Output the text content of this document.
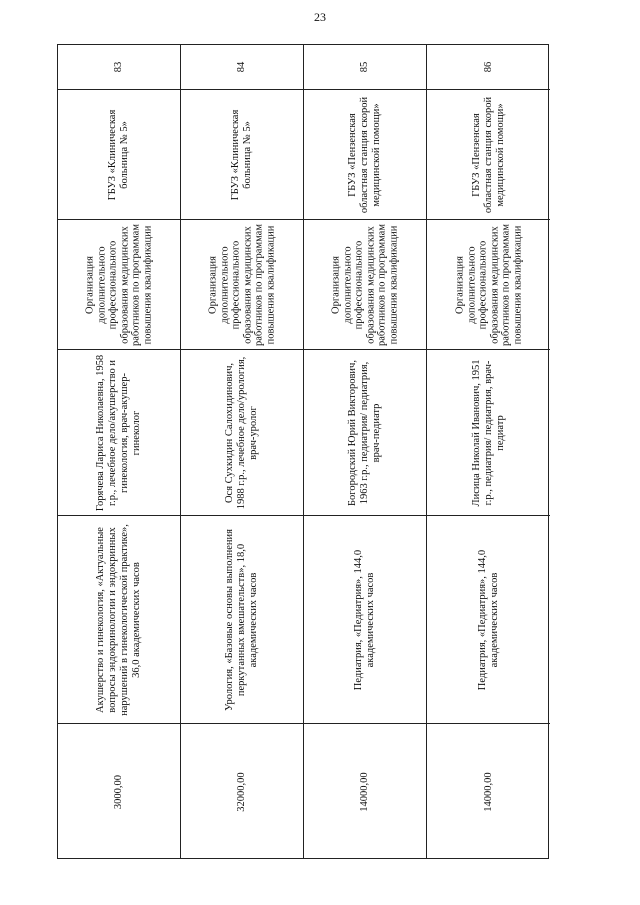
23
83
ГБУЗ «Клиническая больница № 5»
Организация дополнительного профессионального образования медицинских работников по программам повышения квалификации
Горячева Лариса Николаевна, 1958 г.р., лечебное дело/акушерство и гинекология, врач-акушер-гинеколог
Акушерство и гинекология, «Актуальные вопросы эндокринологии и эндокринных нарушений в гинекологической практике», 36,0 академических часов
3000,00
84
ГБУЗ «Клиническая больница № 5»
Организация дополнительного профессионального образования медицинских работников по программам повышения квалификации
Ося Сухкидин Салохидинович, 1988 г.р., лечебное дело/урология, врач-уролог
Урология, «Базовые основы выполнения перкутанных вмешательств», 18,0 академических часов
32000,00
85
ГБУЗ «Пензенская областная станция скорой медицинской помощи»
Организация дополнительного профессионального образования медицинских работников по программам повышения квалификации
Богородский Юрий Викторович, 1963 г.р., педиатрия/ педиатрия, врач-педиатр
Педиатрия, «Педиатрия», 144,0 академических часов
14000,00
86
ГБУЗ «Пензенская областная станция скорой медицинской помощи»
Организация дополнительного профессионального образования медицинских работников по программам повышения квалификации
Лисица Николай Иванович, 1951 г.р., педиатрия/ педиатрия, врач-педиатр
Педиатрия, «Педиатрия», 144,0 академических часов
14000,00
